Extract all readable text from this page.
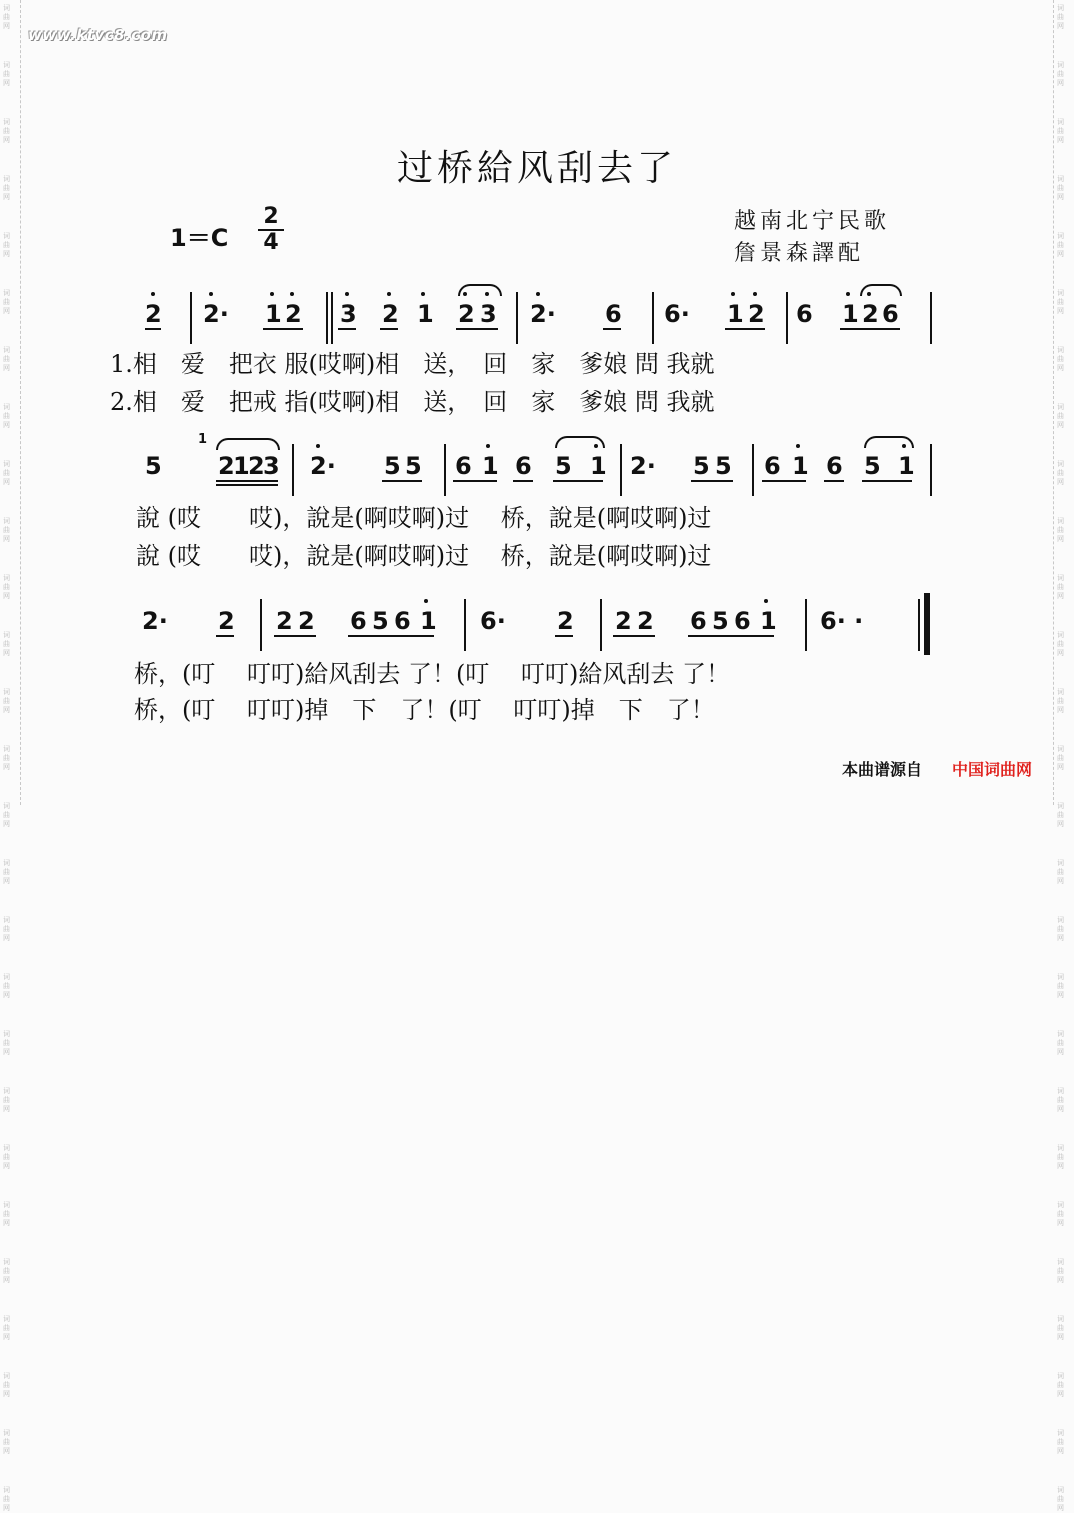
词
曲
网
词
曲
网
词
曲
网
词
曲
网
词
曲
网
词
曲
网
词
曲
网
词
曲
网
词
曲
网
词
曲
网
词
曲
网
词
曲
网
词
曲
网
词
曲
网
词
曲
网
词
曲
网
词
曲
网
词
曲
网
词
曲
网
词
曲
网
词
曲
网
词
曲
网
词
曲
网
词
曲
网
词
曲
网
词
曲
网
词
曲
网
词
曲
网
词
曲
网
词
曲
网
词
曲
网
词
曲
网
词
曲
网
词
曲
网
词
曲
网
词
曲
网
词
曲
网
词
曲
网
词
曲
网
词
曲
网
词
曲
网
词
曲
网
词
曲
网
词
曲
网
词
曲
网
词
曲
网
词
曲
网
词
曲
网
词
曲
网
词
曲
网
词
曲
网
词
曲
网
词
曲
网
词
曲
网
www.ktvc8.com
过桥給风刮去了
1＝C
2
4
越南北宁民歌
詹景森譯配
2 2· 1 2 3 2 1 2 3 2· 6 6· 1 2 6 1 2 6
1.相　爱　把衣 服(哎啊)相　送，　回　家　爹娘 問 我就
2.相　爱　把戒 指(哎啊)相　送，　回　家　爹娘 問 我就
5
1
2
1
2
3 2· 5 5 6 1 6 5 1 2· 5 5 6 1 6 5 1
說 (哎　　哎)，說是(啊哎啊)过　 桥，說是(啊哎啊)过
說 (哎　　哎)，說是(啊哎啊)过　 桥，說是(啊哎啊)过
2· 2 2 2 6 5 6 1 6· 2 2 2 6 5 6 1 6· ·
桥，(叮　 叮叮)給风刮去 了！(叮　 叮叮)給风刮去 了！
桥，(叮　 叮叮)掉　下　了！(叮　 叮叮)掉　下　了！
本曲谱源自 中国词曲网
